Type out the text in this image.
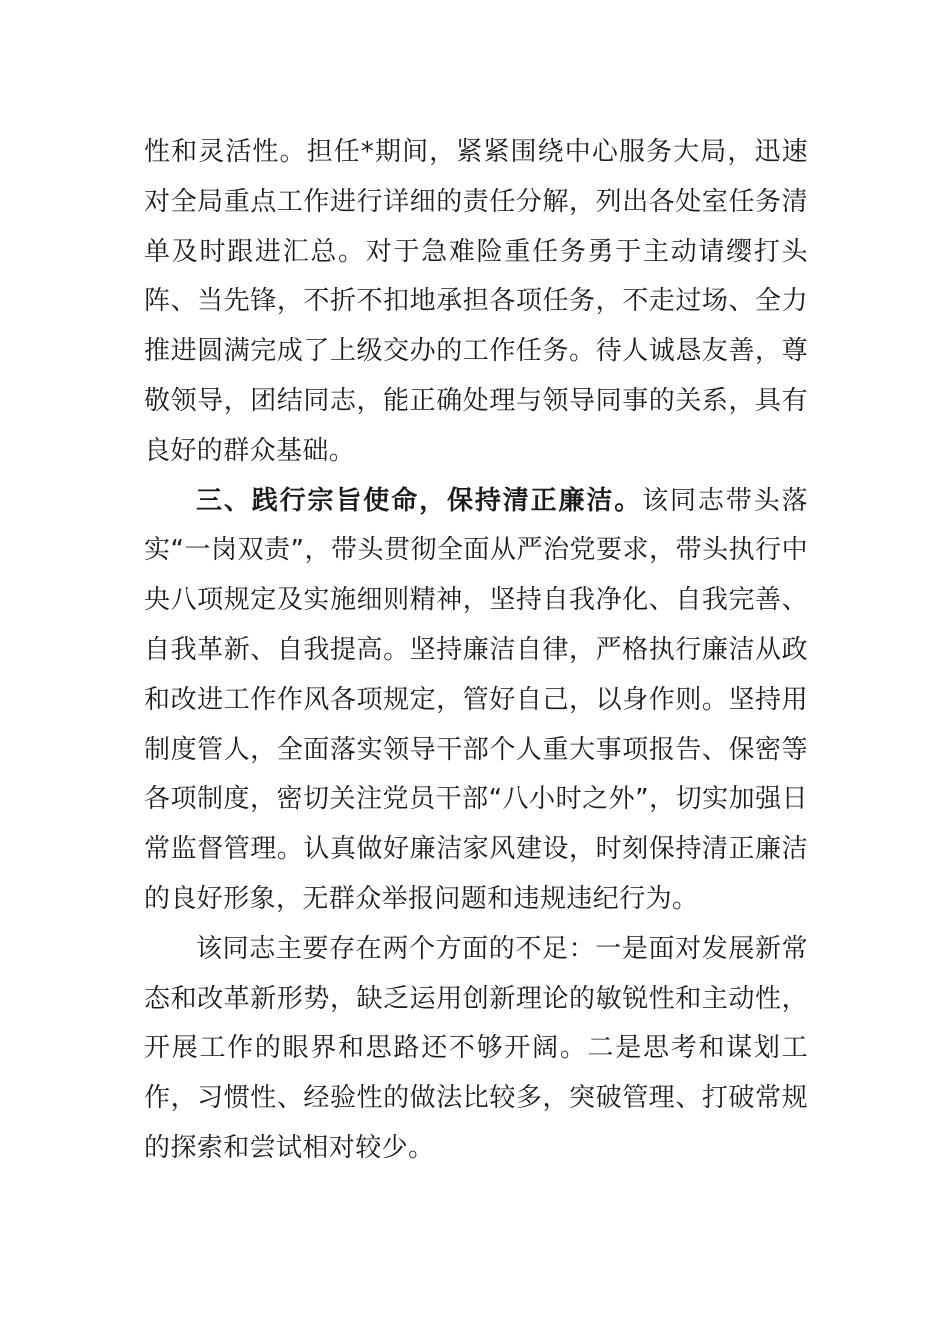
性和灵活性。担任*期间，紧紧围绕中心服务大局，迅速对全局重点工作进行详细的责任分解，列出各处室任务清单及时跟进汇总。对于急难险重任务勇于主动请缨打头阵、当先锋，不折不扣地承担各项任务，不走过场、全力推进圆满完成了上级交办的工作任务。待人诚恳友善，尊敬领导，团结同志，能正确处理与领导同事的关系，具有良好的群众基础。

三、践行宗旨使命，保持清正廉洁。该同志带头落实“一岗双责”，带头贯彻全面从严治党要求，带头执行中央八项规定及实施细则精神，坚持自我净化、自我完善、自我革新、自我提高。坚持廉洁自律，严格执行廉洁从政和改进工作作风各项规定，管好自己，以身作则。坚持用制度管人，全面落实领导干部个人重大事项报告、保密等各项制度，密切关注党员干部“八小时之外”，切实加强日常监督管理。认真做好廉洁家风建设，时刻保持清正廉洁的良好形象，无群众举报问题和违规违纪行为。

该同志主要存在两个方面的不足：一是面对发展新常态和改革新形势，缺乏运用创新理论的敏锐性和主动性，开展工作的眼界和思路还不够开阔。二是思考和谋划工作，习惯性、经验性的做法比较多，突破管理、打破常规的探索和尝试相对较少。
